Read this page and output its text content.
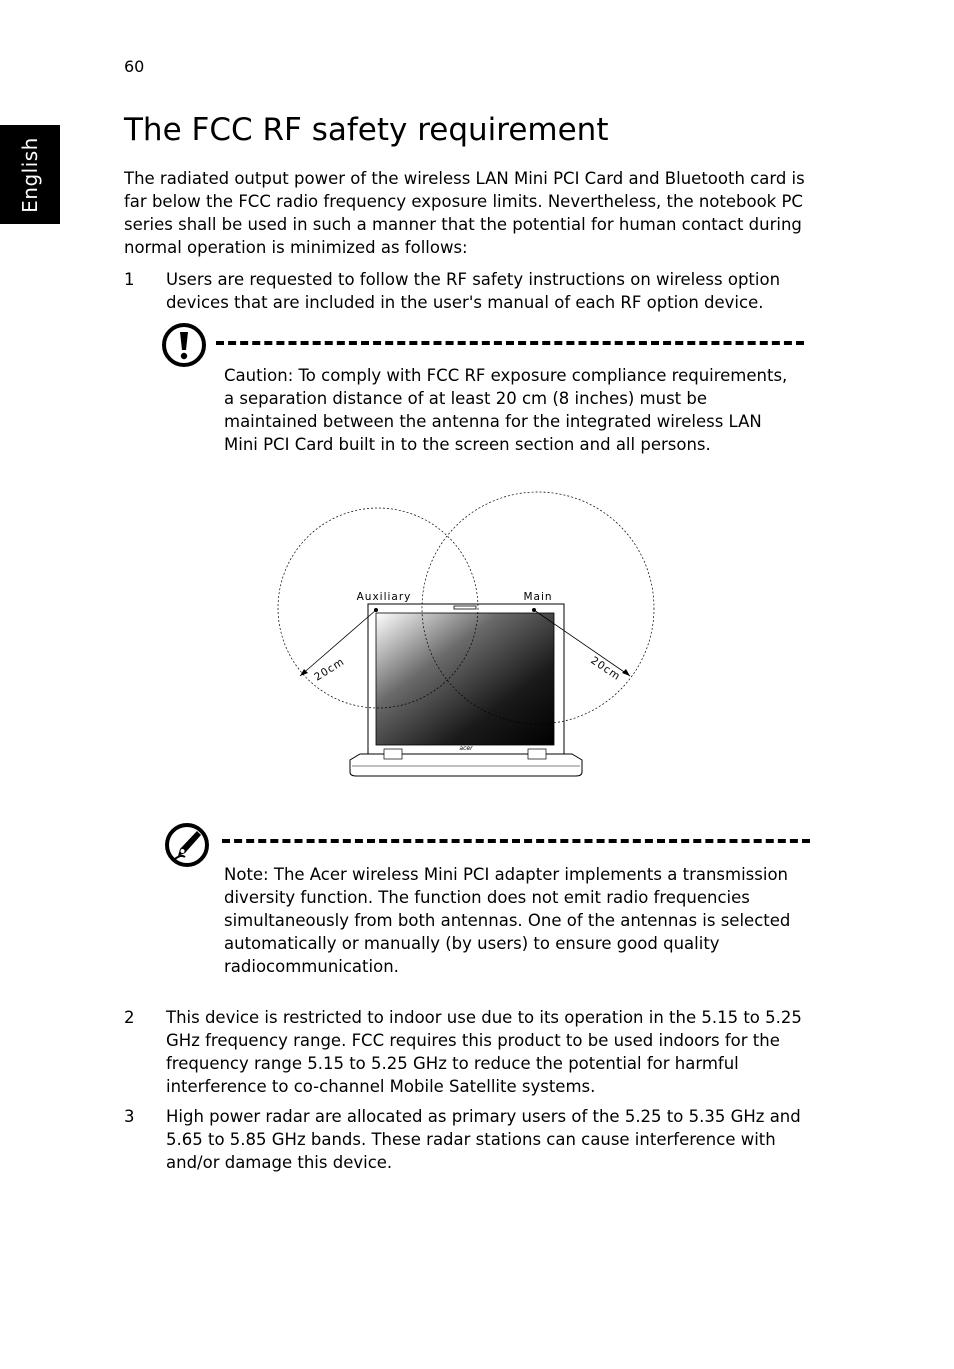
60
English
The FCC RF safety requirement

The radiated output power of the wireless LAN Mini PCI Card and Bluetooth card is far below the FCC radio frequency exposure limits. Nevertheless, the notebook PC series shall be used in such a manner that the potential for human contact during normal operation is minimized as follows:

1 Users are requested to follow the RF safety instructions on wireless option devices that are included in the user's manual of each RF option device.
Caution: To comply with FCC RF exposure compliance requirements, a separation distance of at least 20 cm (8 inches) must be maintained between the antenna for the integrated wireless LAN Mini PCI Card built in to the screen section and all persons.
acer
Auxiliary	Main
20cm	20cm
Note: The Acer wireless Mini PCI adapter implements a transmission diversity function. The function does not emit radio frequencies simultaneously from both antennas. One of the antennas is selected automatically or manually (by users) to ensure good quality radiocommunication.
2 This device is restricted to indoor use due to its operation in the 5.15 to 5.25 GHz frequency range. FCC requires this product to be used indoors for the frequency range 5.15 to 5.25 GHz to reduce the potential for harmful interference to co-channel Mobile Satellite systems.
3 High power radar are allocated as primary users of the 5.25 to 5.35 GHz and 5.65 to 5.85 GHz bands. These radar stations can cause interference with and/or damage this device.
